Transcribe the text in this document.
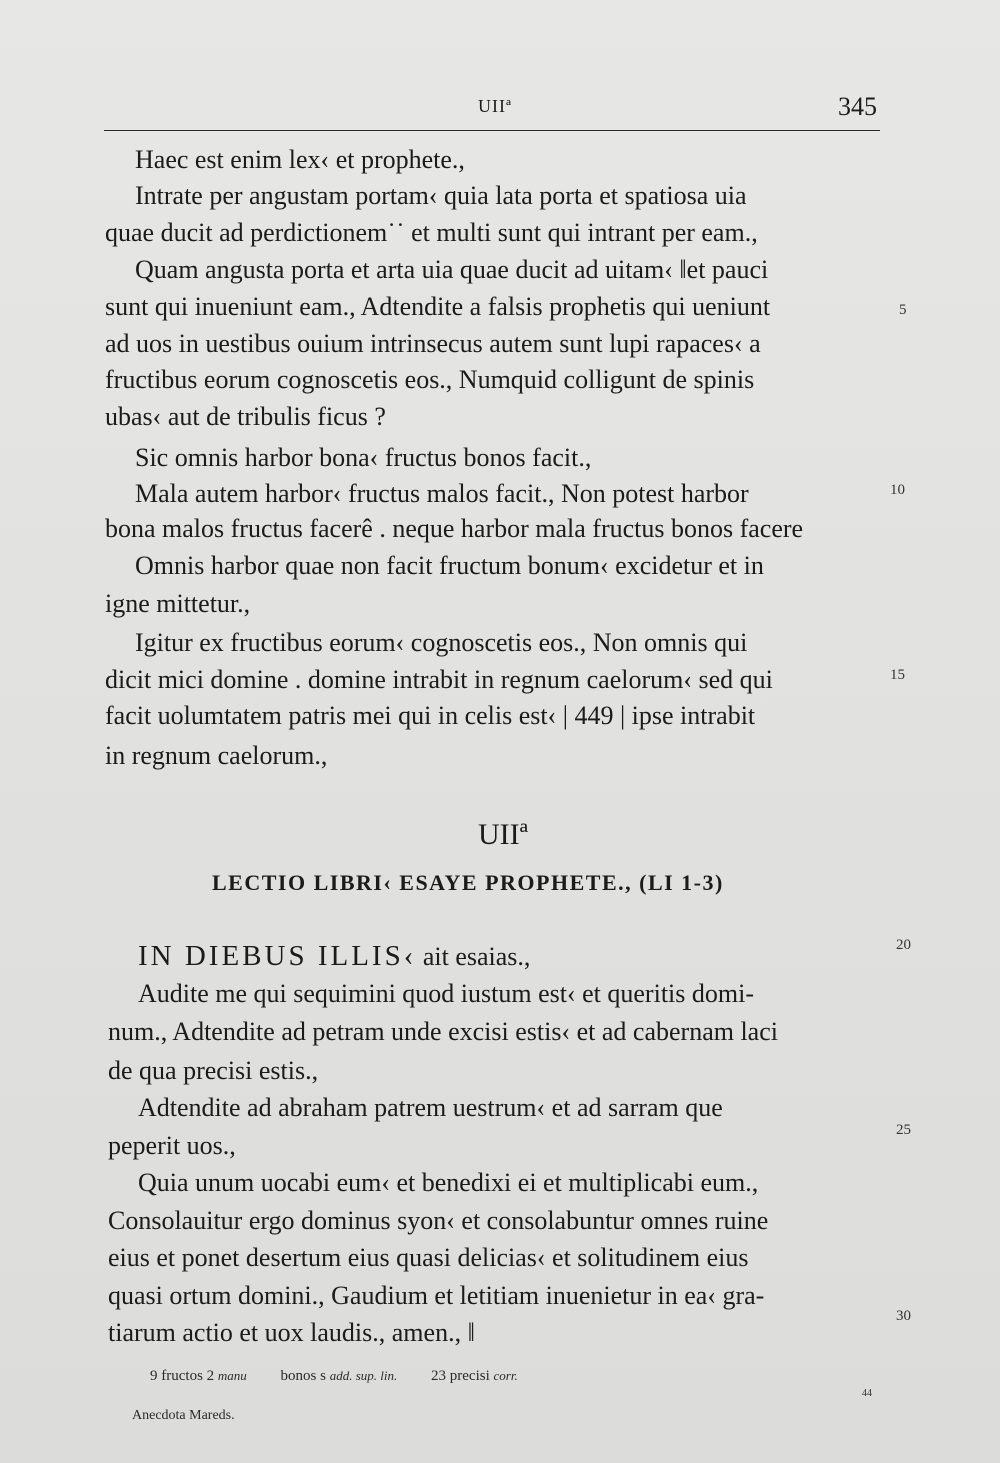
UIIª	345
Haec est enim lex‹ et prophete.,
Intrate per angustam portam‹ quia lata porta et spatiosa uia
quae ducit ad perdictionem˙˙ et multi sunt qui intrant per eam.,
Quam angusta porta et arta uia quae ducit ad uitam‹ ‖et pauci
sunt qui inueniunt eam., Adtendite a falsis prophetis qui ueniunt
ad uos in uestibus ouium intrinsecus autem sunt lupi rapaces‹ a
fructibus eorum cognoscetis eos., Numquid colligunt de spinis
ubas‹ aut de tribulis ficus ?
Sic omnis harbor bona‹ fructus bonos facit.,
Mala autem harbor‹ fructus malos facit., Non potest harbor
bona malos fructus facerê . neque harbor mala fructus bonos facere
Omnis harbor quae non facit fructum bonum‹ excidetur et in
igne mittetur.,
Igitur ex fructibus eorum‹ cognoscetis eos., Non omnis qui
dicit mici domine . domine intrabit in regnum caelorum‹ sed qui
facit uolumtatem patris mei qui in celis est‹ | 449 | ipse intrabit
in regnum caelorum.,
UIIª
LECTIO LIBRI‹ ESAYE PROPHETE., (LI 1-3)
IN DIEBUS ILLIS‹ ait esaias.,
Audite me qui sequimini quod iustum est‹ et queritis domi-
num., Adtendite ad petram unde excisi estis‹ et ad cabernam laci
de qua precisi estis.,
Adtendite ad abraham patrem uestrum‹ et ad sarram que
peperit uos.,
Quia unum uocabi eum‹ et benedixi ei et multiplicabi eum.,
Consolauitur ergo dominus syon‹ et consolabuntur omnes ruine
eius et ponet desertum eius quasi delicias‹ et solitudinem eius
quasi ortum domini., Gaudium et letitiam inuenietur in ea‹ gra-
tiarum actio et uox laudis., amen., ‖
5
10
15
20
25
30
9 fructos 2 manu bonos s add. sup. lin. 23 precisi corr.
Anecdota Mareds.
44
